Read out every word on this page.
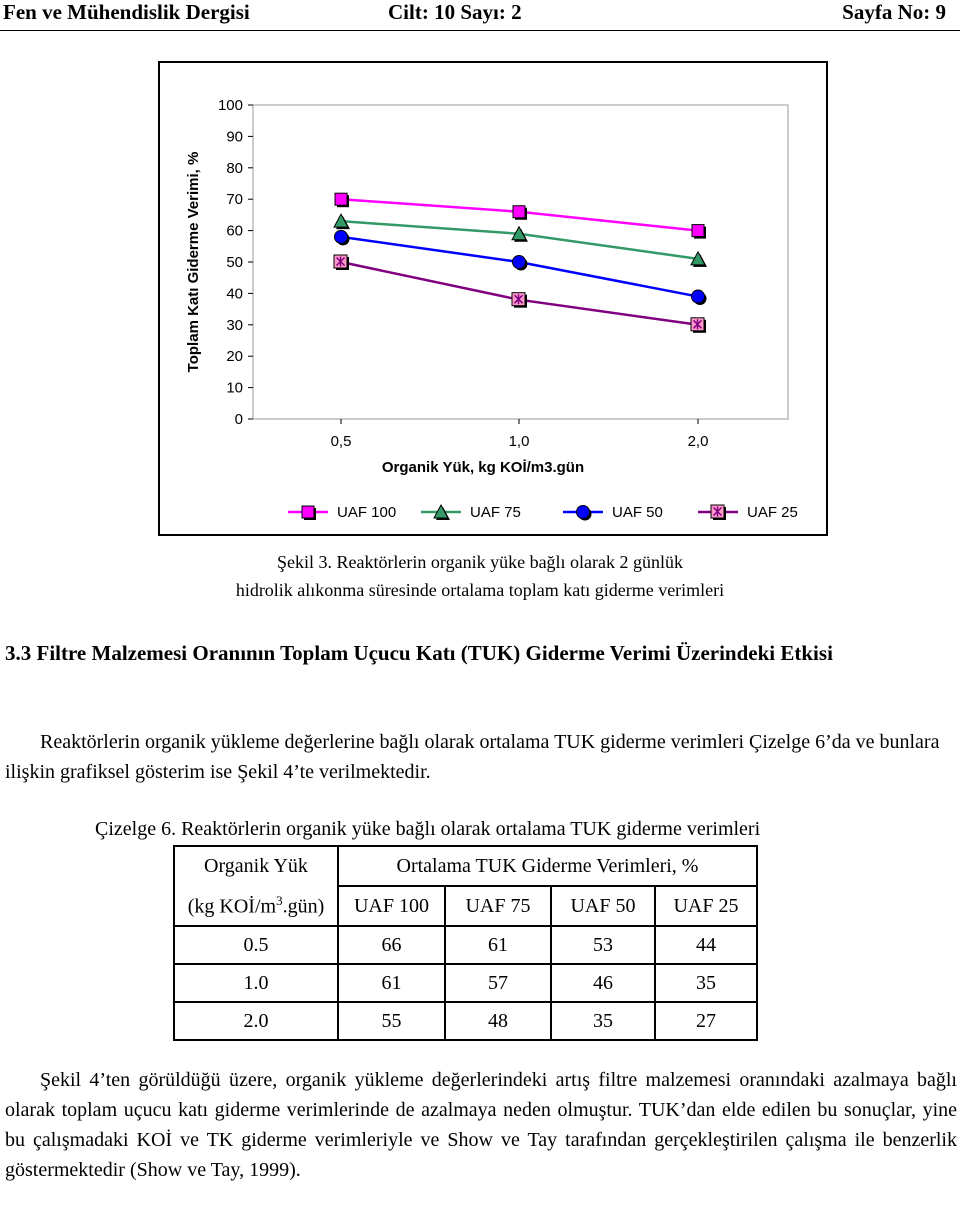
Fen ve Mühendislik Dergisi	Cilt: 10 Sayı: 2	Sayfa No: 9
0
10
20
30
40
50
60
70
80
90
100
0,5	1,0	2,0
Organik Yük, kg KOİ/m3.gün
Toplam Katı Giderme Verimi, %
UAF 100	UAF 75	UAF 50	UAF 25
Şekil 3. Reaktörlerin organik yüke bağlı olarak 2 günlük
hidrolik alıkonma süresinde ortalama toplam katı giderme verimleri
3.3 Filtre Malzemesi Oranının Toplam Uçucu Katı (TUK) Giderme Verimi Üzerindeki Etkisi
Reaktörlerin organik yükleme değerlerine bağlı olarak ortalama TUK giderme verimleri Çizelge 6’da ve bunlara ilişkin grafiksel gösterim ise Şekil 4’te verilmektedir.
Çizelge 6. Reaktörlerin organik yüke bağlı olarak ortalama TUK giderme verimleri
Organik Yük	Ortalama TUK Giderme Verimleri, %			
(kg KOİ/$m^3.gün$)	UAF 100	UAF 75	UAF 50	UAF 25
0.5	66	61	53	44
1.0	61	57	46	35
2.0	55	48	35	27
Şekil 4’ten görüldüğü üzere, organik yükleme değerlerindeki artış filtre malzemesi oranındaki azalmaya bağlı olarak toplam uçucu katı giderme verimlerinde de azalmaya neden olmuştur. TUK’dan elde edilen bu sonuçlar, yine bu çalışmadaki KOİ ve TK giderme verimleriyle ve Show ve Tay tarafından gerçekleştirilen çalışma ile benzerlik göstermektedir (Show ve Tay, 1999).
